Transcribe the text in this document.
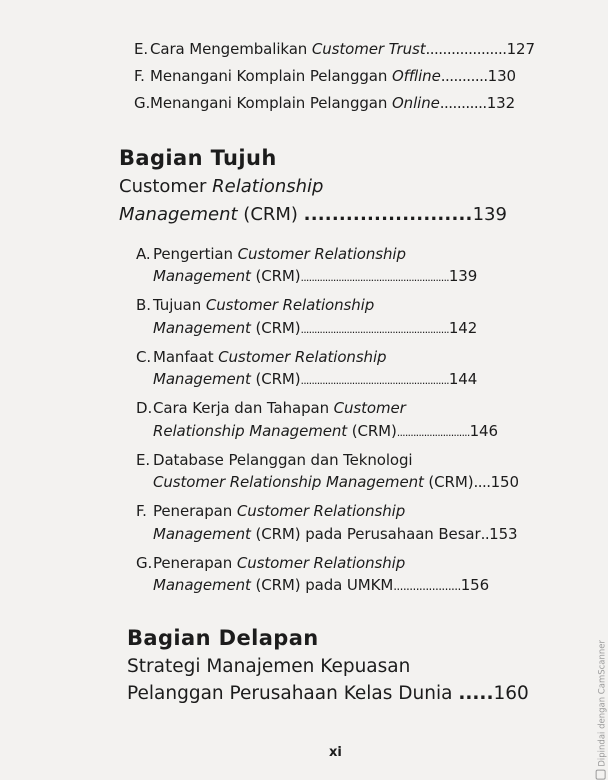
E. Cara Mengembalikan Customer Trust...................127
F. Menangani Komplain Pelanggan Offline...........130
G.Menangani Komplain Pelanggan Online...........132
Bagian Tujuh
Customer Relationship
Management (CRM) ........................139
A. Pengertian Customer Relationship
Management (CRM).......................................................139
B. Tujuan Customer Relationship
Management (CRM).......................................................142
C. Manfaat Customer Relationship
Management (CRM).......................................................144
D.Cara Kerja dan Tahapan Customer
Relationship Management (CRM)...........................146
E. Database Pelanggan dan Teknologi
Customer Relationship Management (CRM)....150
F. Penerapan Customer Relationship
Management (CRM) pada Perusahaan Besar..153
G.Penerapan Customer Relationship
Management (CRM) pada UMKM.....................156
Bagian Delapan
Strategi Manajemen Kepuasan
Pelanggan Perusahaan Kelas Dunia .....160
xi	Dipindai dengan CamScanner
